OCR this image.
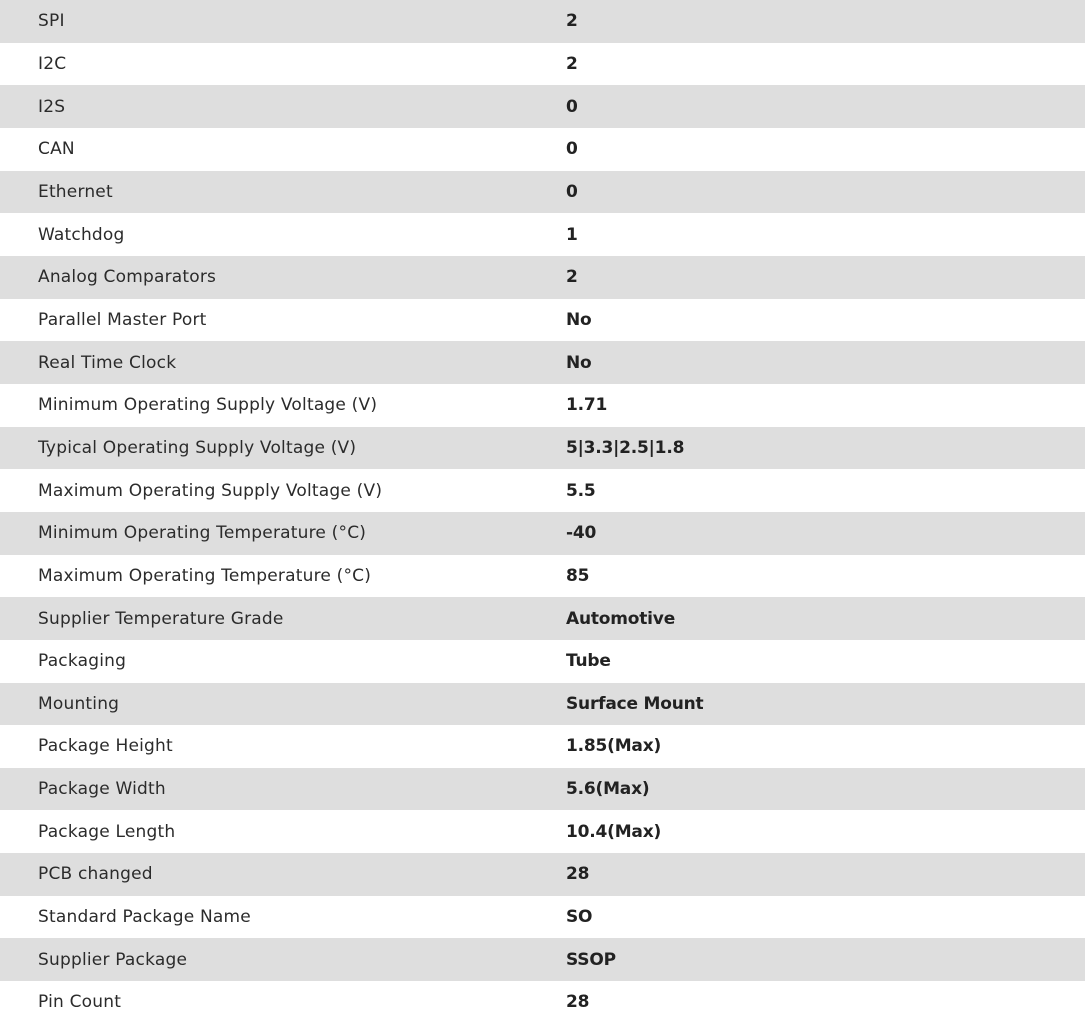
SPI	2
I2C	2
I2S	0
CAN	0
Ethernet	0
Watchdog	1
Analog Comparators	2
Parallel Master Port	No
Real Time Clock	No
Minimum Operating Supply Voltage (V)	1.71
Typical Operating Supply Voltage (V)	5|3.3|2.5|1.8
Maximum Operating Supply Voltage (V)	5.5
Minimum Operating Temperature (°C)	-40
Maximum Operating Temperature (°C)	85
Supplier Temperature Grade	Automotive
Packaging	Tube
Mounting	Surface Mount
Package Height	1.85(Max)
Package Width	5.6(Max)
Package Length	10.4(Max)
PCB changed	28
Standard Package Name	SO
Supplier Package	SSOP
Pin Count	28
